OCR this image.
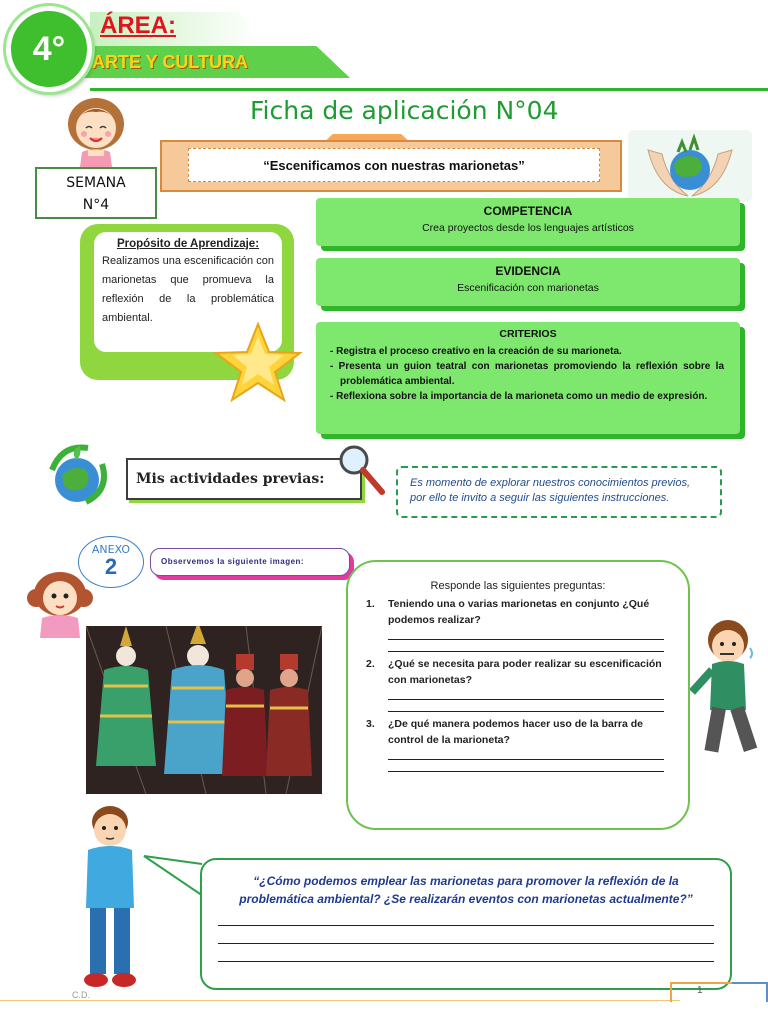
ÁREA:
ARTE Y CULTURA
4°
Ficha de aplicación N°04
SEMANA
N°4
“Escenificamos con nuestras marionetas”
COMPETENCIA
Crea proyectos desde los lenguajes artísticos
EVIDENCIA
Escenificación con marionetas
CRITERIOS
- Registra el proceso creativo en la creación de su marioneta.
- Presenta un guion teatral con marionetas promoviendo la reflexión sobre la problemática ambiental.
- Reflexiona sobre la importancia de la marioneta como un medio de expresión.
Propósito de Aprendizaje:
Realizamos una escenificación con marionetas que promueva la reflexión de la problemática ambiental.
Mis actividades previas:	Es momento de explorar nuestros conocimientos previos, por ello te invito a seguir las siguientes instrucciones.
ANEXO
2	Observemos la siguiente imagen:
Responde las siguientes preguntas:
1.	Teniendo una o varias marionetas en conjunto ¿Qué podemos realizar?
2.	¿Qué se necesita para poder realizar su escenificación con marionetas?
3.	¿De qué manera podemos hacer uso de la barra de control de la marioneta?
“¿Cómo podemos emplear las marionetas para promover la reflexión de la problemática ambiental? ¿Se realizarán eventos con marionetas actualmente?”
C.D.	1
